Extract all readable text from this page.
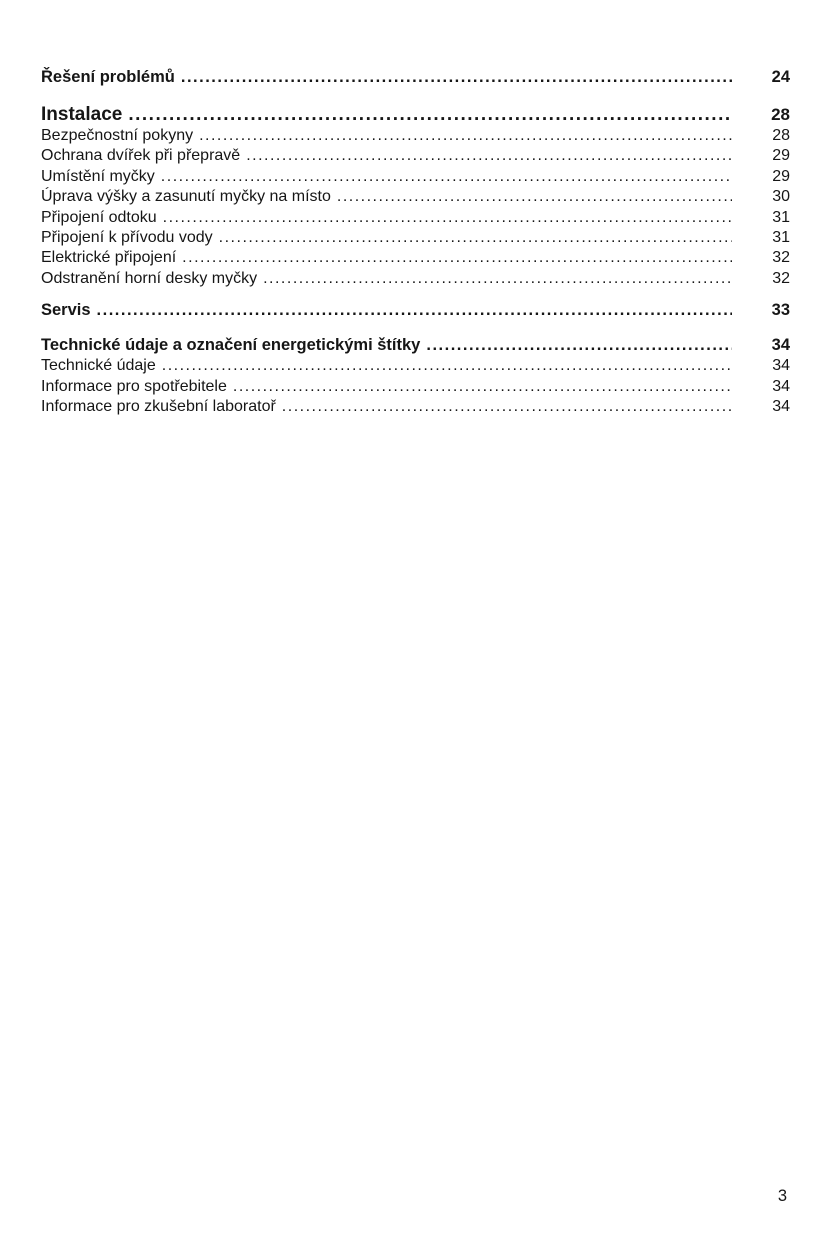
Řešení problémů .....	24
Instalace .....	28
Bezpečnostní pokyny .....	28
Ochrana dvířek při přepravě .....	29
Umístění myčky .....	29
Úprava výšky a zasunutí myčky na místo .....	30
Připojení odtoku .....	31
Připojení k přívodu vody .....	31
Elektrické připojení .....	32
Odstranění horní desky myčky .....	32
Servis .....	33
Technické údaje a označení energetickými štítky .....	34
Technické údaje .....	34
Informace pro spotřebitele .....	34
Informace pro zkušební laboratoř .....	34
3
